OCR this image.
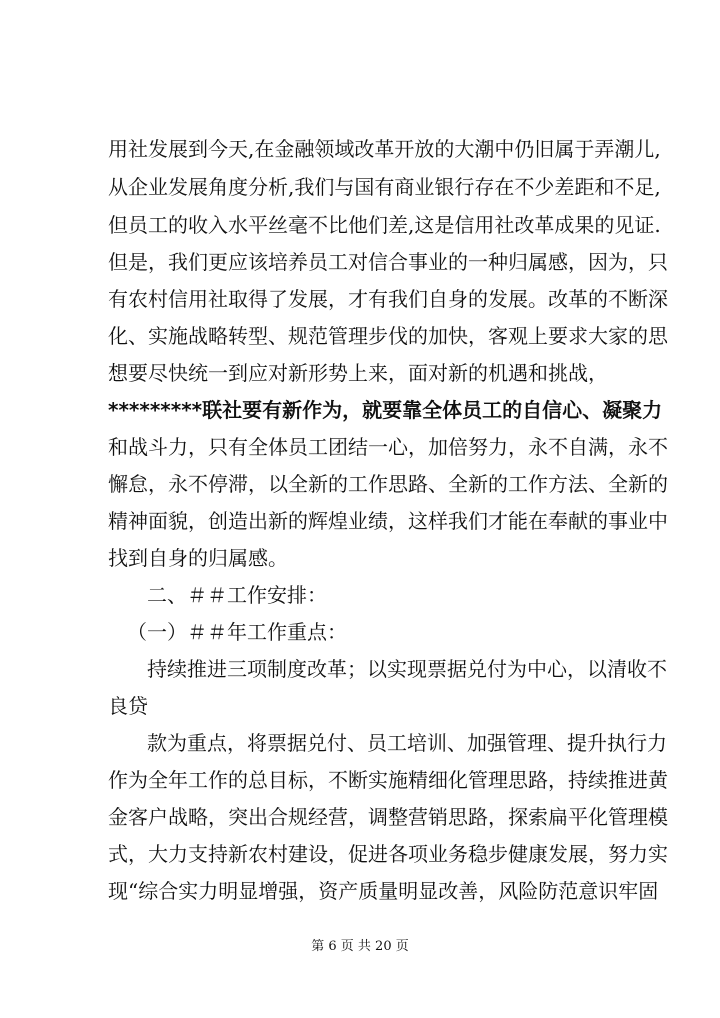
用社发展到今天,在金融领域改革开放的大潮中仍旧属于弄潮儿,
从企业发展角度分析,我们与国有商业银行存在不少差距和不足,
但员工的收入水平丝毫不比他们差,这是信用社改革成果的见证.
但是，我们更应该培养员工对信合事业的一种归属感，因为，只
有农村信用社取得了发展，才有我们自身的发展。改革的不断深
化、实施战略转型、规范管理步伐的加快，客观上要求大家的思
想要尽快统一到应对新形势上来，面对新的机遇和挑战，
*********联社要有新作为，就要靠全体员工的自信心、凝聚力
和战斗力，只有全体员工团结一心，加倍努力，永不自满，永不
懈怠，永不停滞，以全新的工作思路、全新的工作方法、全新的
精神面貌，创造出新的辉煌业绩，这样我们才能在奉献的事业中
找到自身的归属感。
二、＃＃工作安排：
（一）＃＃年工作重点：
持续推进三项制度改革；以实现票据兑付为中心，以清收不
良贷
款为重点，将票据兑付、员工培训、加强管理、提升执行力
作为全年工作的总目标，不断实施精细化管理思路，持续推进黄
金客户战略，突出合规经营，调整营销思路，探索扁平化管理模
式，大力支持新农村建设，促进各项业务稳步健康发展，努力实
现“综合实力明显增强，资产质量明显改善，风险防范意识牢固
第 6 页 共 20 页
